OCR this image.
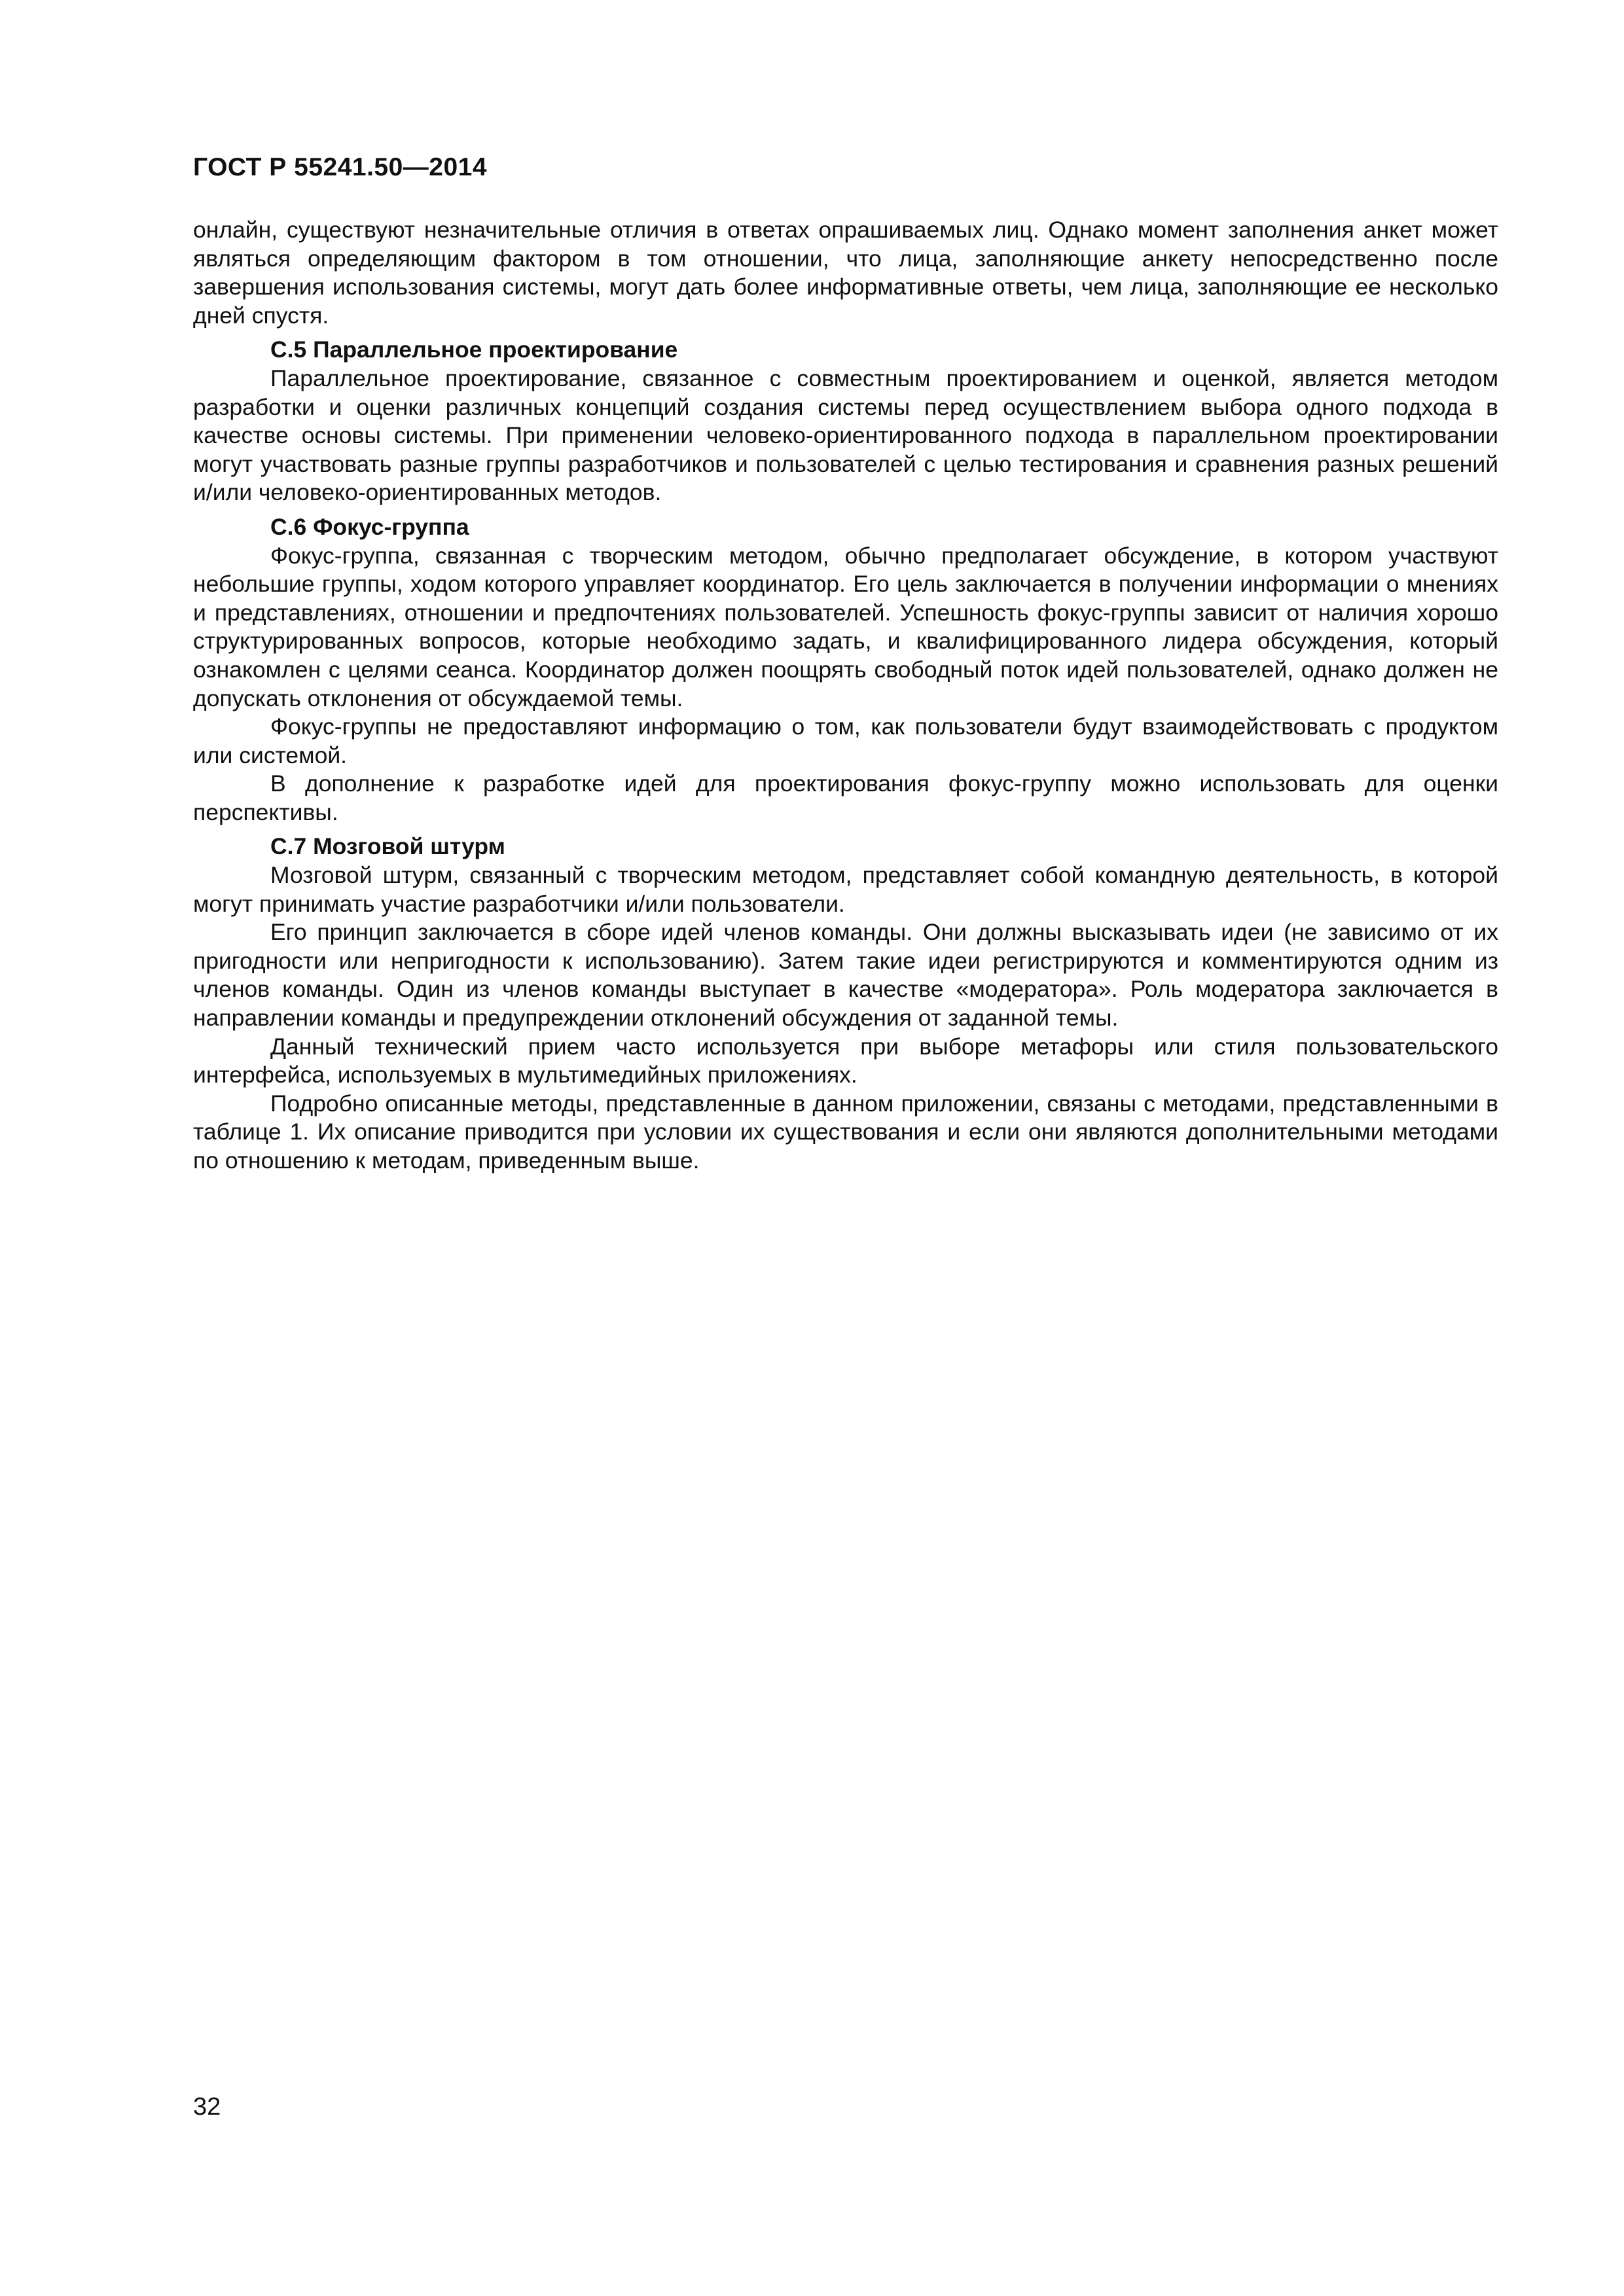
ГОСТ Р 55241.50—2014

онлайн, существуют незначительные отличия в ответах опрашиваемых лиц. Однако момент заполнения анкет может являться определяющим фактором в том отношении, что лица, заполняющие анкету непосредственно после завершения использования системы, могут дать более информативные ответы, чем лица, заполняющие ее несколько дней спустя.

С.5 Параллельное проектирование

Параллельное проектирование, связанное с совместным проектированием и оценкой, является методом разработки и оценки различных концепций создания системы перед осуществлением выбора одного подхода в качестве основы системы. При применении человеко-ориентированного подхода в параллельном проектировании могут участвовать разные группы разработчиков и пользователей с целью тестирования и сравнения разных решений и/или человеко-ориентированных методов.

С.6 Фокус-группа

Фокус-группа, связанная с творческим методом, обычно предполагает обсуждение, в котором участвуют небольшие группы, ходом которого управляет координатор. Его цель заключается в получении информации о мнениях и представлениях, отношении и предпочтениях пользователей. Успешность фокус-группы зависит от наличия хорошо структурированных вопросов, которые необходимо задать, и квалифицированного лидера обсуждения, который ознакомлен с целями сеанса. Координатор должен поощрять свободный поток идей пользователей, однако должен не допускать отклонения от обсуждаемой темы.

Фокус-группы не предоставляют информацию о том, как пользователи будут взаимодействовать с продуктом или системой.

В дополнение к разработке идей для проектирования фокус-группу можно использовать для оценки перспективы.

С.7 Мозговой штурм

Мозговой штурм, связанный с творческим методом, представляет собой командную деятельность, в которой могут принимать участие разработчики и/или пользователи.

Его принцип заключается в сборе идей членов команды. Они должны высказывать идеи (не зависимо от их пригодности или непригодности к использованию). Затем такие идеи регистрируются и комментируются одним из членов команды. Один из членов команды выступает в качестве «модератора». Роль модератора заключается в направлении команды и предупреждении отклонений обсуждения от заданной темы.

Данный технический прием часто используется при выборе метафоры или стиля пользовательского интерфейса, используемых в мультимедийных приложениях.

Подробно описанные методы, представленные в данном приложении, связаны с методами, представленными в таблице 1. Их описание приводится при условии их существования и если они являются дополнительными методами по отношению к методам, приведенным выше.

32
